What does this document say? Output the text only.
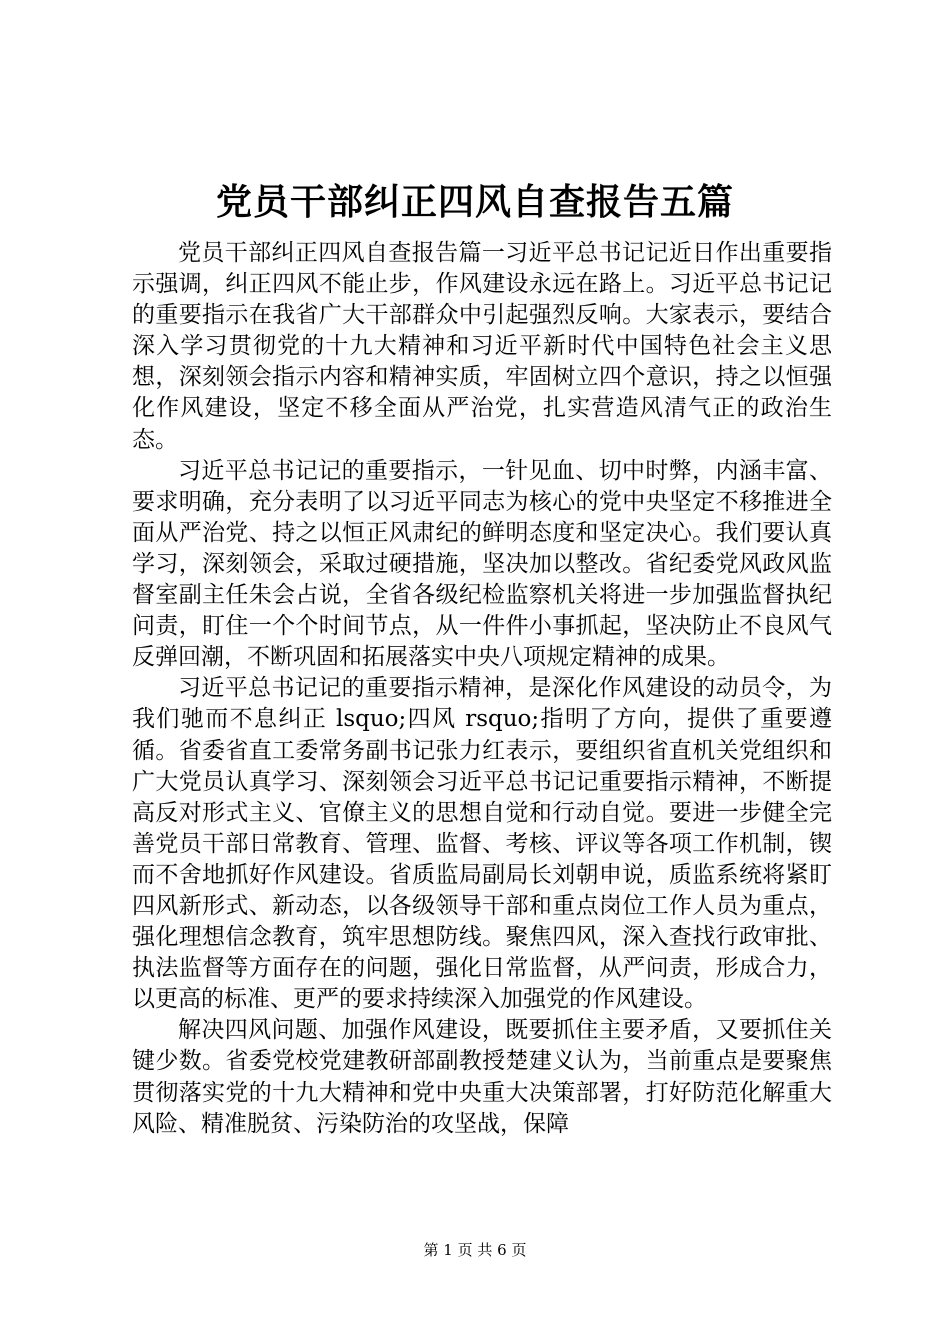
党员干部纠正四风自查报告五篇

党员干部纠正四风自查报告篇一习近平总书记记近日作出重要指示强调，纠正四风不能止步，作风建设永远在路上。习近平总书记记的重要指示在我省广大干部群众中引起强烈反响。大家表示，要结合深入学习贯彻党的十九大精神和习近平新时代中国特色社会主义思想，深刻领会指示内容和精神实质，牢固树立四个意识，持之以恒强化作风建设，坚定不移全面从严治党，扎实营造风清气正的政治生态。

习近平总书记记的重要指示，一针见血、切中时弊，内涵丰富、要求明确，充分表明了以习近平同志为核心的党中央坚定不移推进全面从严治党、持之以恒正风肃纪的鲜明态度和坚定决心。我们要认真学习，深刻领会，采取过硬措施，坚决加以整改。省纪委党风政风监督室副主任朱会占说，全省各级纪检监察机关将进一步加强监督执纪问责，盯住一个个时间节点，从一件件小事抓起，坚决防止不良风气反弹回潮，不断巩固和拓展落实中央八项规定精神的成果。

习近平总书记记的重要指示精神，是深化作风建设的动员令，为我们驰而不息纠正 lsquo;四风 rsquo;指明了方向，提供了重要遵循。省委省直工委常务副书记张力红表示，要组织省直机关党组织和广大党员认真学习、深刻领会习近平总书记记重要指示精神，不断提高反对形式主义、官僚主义的思想自觉和行动自觉。要进一步健全完善党员干部日常教育、管理、监督、考核、评议等各项工作机制，锲而不舍地抓好作风建设。省质监局副局长刘朝申说，质监系统将紧盯四风新形式、新动态，以各级领导干部和重点岗位工作人员为重点，强化理想信念教育，筑牢思想防线。聚焦四风，深入查找行政审批、执法监督等方面存在的问题，强化日常监督，从严问责，形成合力，以更高的标准、更严的要求持续深入加强党的作风建设。

解决四风问题、加强作风建设，既要抓住主要矛盾，又要抓住关键少数。省委党校党建教研部副教授楚建义认为，当前重点是要聚焦贯彻落实党的十九大精神和党中央重大决策部署，打好防范化解重大风险、精准脱贫、污染防治的攻坚战，保障

第 1 页 共 6 页
